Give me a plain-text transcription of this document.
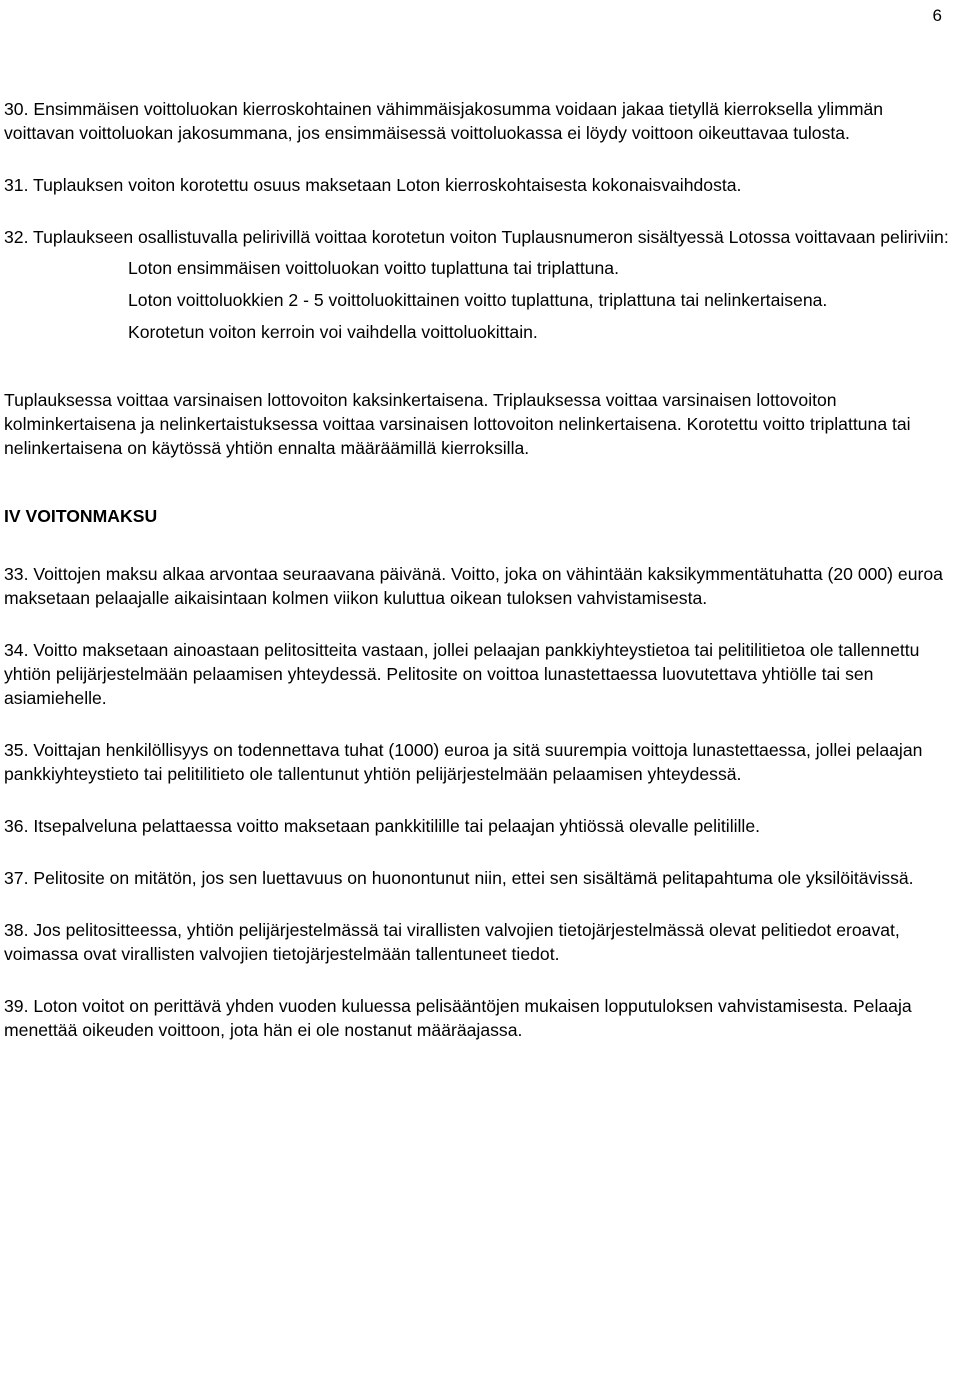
6

30. Ensimmäisen voittoluokan kierroskohtainen vähimmäisjakosumma voidaan jakaa tietyllä kierroksella ylimmän voittavan voittoluokan jakosummana, jos ensimmäisessä voittoluokassa ei löydy voittoon oikeuttavaa tulosta.

31. Tuplauksen voiton korotettu osuus maksetaan Loton kierroskohtaisesta kokonaisvaihdosta.

32. Tuplaukseen osallistuvalla pelirivillä voittaa korotetun voiton Tuplausnumeron sisältyessä Lotossa voittavaan peliriviin:

Loton ensimmäisen voittoluokan voitto tuplattuna tai triplattuna.

Loton voittoluokkien 2 - 5 voittoluokittainen voitto tuplattuna, triplattuna tai nelinkertaisena.

Korotetun voiton kerroin voi vaihdella voittoluokittain.

Tuplauksessa voittaa varsinaisen lottovoiton kaksinkertaisena. Triplauksessa voittaa varsinaisen lottovoiton kolminkertaisena ja nelinkertaistuksessa voittaa varsinaisen lottovoiton nelinkertaisena. Korotettu voitto triplattuna tai nelinkertaisena on käytössä yhtiön ennalta määräämillä kierroksilla.

IV VOITONMAKSU

33. Voittojen maksu alkaa arvontaa seuraavana päivänä. Voitto, joka on vähintään kaksikymmentätuhatta (20 000) euroa maksetaan pelaajalle aikaisintaan kolmen viikon kuluttua oikean tuloksen vahvistamisesta.

34. Voitto maksetaan ainoastaan pelitositteita vastaan, jollei pelaajan pankkiyhteystietoa tai pelitilitietoa ole tallennettu yhtiön pelijärjestelmään pelaamisen yhteydessä. Pelitosite on voittoa lunastettaessa luovutettava yhtiölle tai sen asiamiehelle.

35. Voittajan henkilöllisyys on todennettava tuhat (1000) euroa ja sitä suurempia voittoja lunastettaessa, jollei pelaajan pankkiyhteystieto tai pelitilitieto ole tallentunut yhtiön pelijärjestelmään pelaamisen yhteydessä.

36. Itsepalveluna pelattaessa voitto maksetaan pankkitilille tai pelaajan yhtiössä olevalle pelitilille.

37. Pelitosite on mitätön, jos sen luettavuus on huonontunut niin, ettei sen sisältämä pelitapahtuma ole yksilöitävissä.

38. Jos pelitositteessa, yhtiön pelijärjestelmässä tai virallisten valvojien tietojärjestelmässä olevat pelitiedot eroavat, voimassa ovat virallisten valvojien tietojärjestelmään tallentuneet tiedot.

39. Loton voitot on perittävä yhden vuoden kuluessa pelisääntöjen mukaisen lopputuloksen vahvistamisesta. Pelaaja menettää oikeuden voittoon, jota hän ei ole nostanut määräajassa.
